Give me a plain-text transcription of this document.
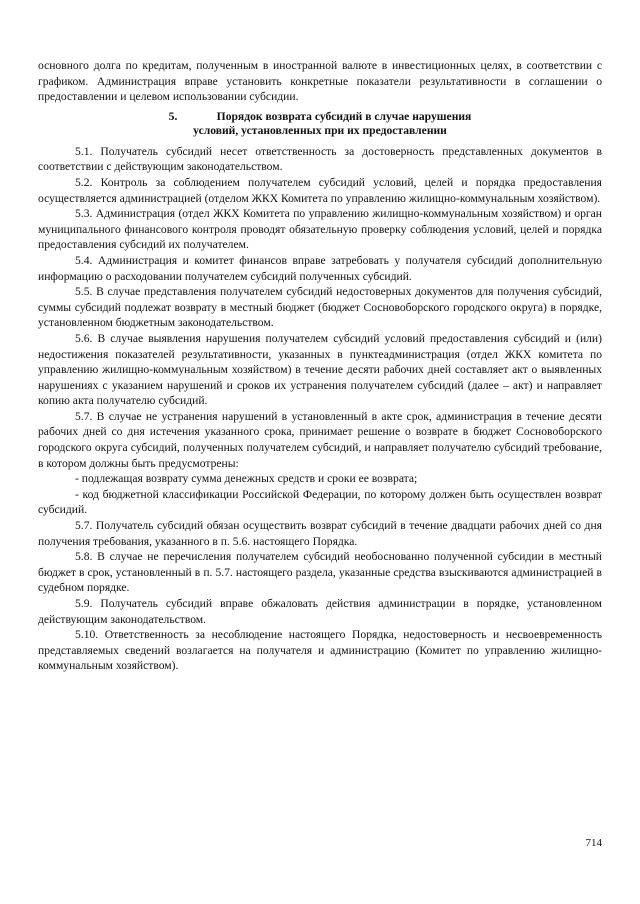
основного долга по кредитам, полученным в иностранной валюте в инвестиционных целях, в соответствии с графиком. Администрация вправе установить конкретные показатели результативности в соглашении о предоставлении и целевом использовании субсидии.

5.	Порядок возврата субсидий в случае нарушения

условий, установленных при их предоставлении

5.1. Получатель субсидий несет ответственность за достоверность представленных документов в соответствии с действующим законодательством.

5.2. Контроль за соблюдением получателем субсидий условий, целей и порядка предоставления осуществляется администрацией (отделом ЖКХ Комитета по управлению жилищно-коммунальным хозяйством).

5.3. Администрация (отдел ЖКХ Комитета по управлению жилищно-коммунальным хозяйством) и орган муниципального финансового контроля проводят обязательную проверку соблюдения условий, целей и порядка предоставления субсидий их получателем.

5.4. Администрация и комитет финансов вправе затребовать у получателя субсидий дополнительную информацию о расходовании получателем субсидий полученных субсидий.

5.5. В случае представления получателем субсидий недостоверных документов для получения субсидий, суммы субсидий подлежат возврату в местный бюджет (бюджет Сосновоборского городского округа) в порядке, установленном бюджетным законодательством.

5.6. В случае выявления нарушения получателем субсидий условий предоставления субсидий и (или) недостижения показателей результативности, указанных в пунктеадминистрация (отдел ЖКХ комитета по управлению жилищно-коммунальным хозяйством) в течение десяти рабочих дней составляет акт о выявленных нарушениях с указанием нарушений и сроков их устранения получателем субсидий (далее – акт) и направляет копию акта получателю субсидий.

5.7. В случае не устранения нарушений в установленный в акте срок, администрация в течение десяти рабочих дней со дня истечения указанного срока, принимает решение о возврате в бюджет Сосновоборского городского округа субсидий, полученных получателем субсидий, и направляет получателю субсидий требование, в котором должны быть предусмотрены:

- подлежащая возврату сумма денежных средств и сроки ее возврата;

- код бюджетной классификации Российской Федерации, по которому должен быть осуществлен возврат субсидий.

5.7. Получатель субсидий обязан осуществить возврат субсидий в течение двадцати рабочих дней со дня получения требования, указанного в п. 5.6. настоящего Порядка.

5.8. В случае не перечисления получателем субсидий необоснованно полученной субсидии в местный бюджет в срок, установленный в п. 5.7. настоящего раздела, указанные средства взыскиваются администрацией в судебном порядке.

5.9. Получатель субсидий вправе обжаловать действия администрации в порядке, установленном действующим законодательством.

5.10. Ответственность за несоблюдение настоящего Порядка, недостоверность и несвоевременность представляемых сведений возлагается на получателя и администрацию (Комитет по управлению жилищно-коммунальным хозяйством).

714
